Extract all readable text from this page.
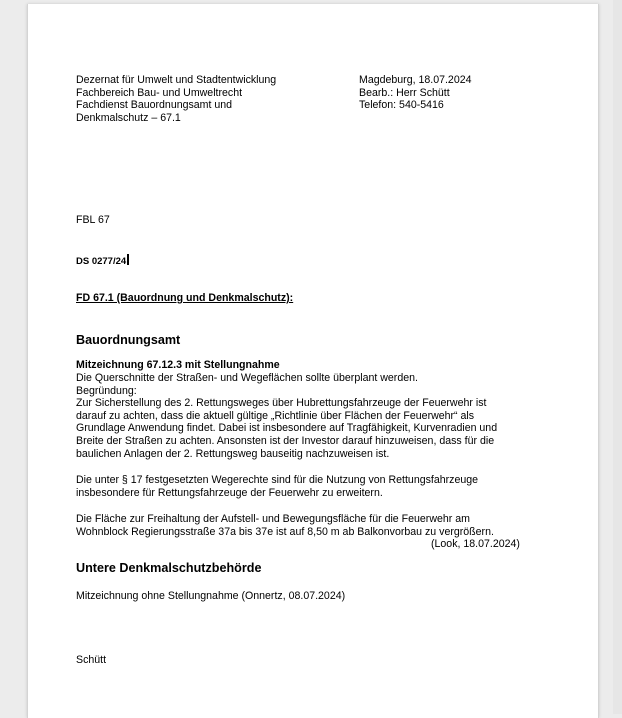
Dezernat für Umwelt und Stadtentwicklung
Fachbereich Bau- und Umweltrecht
Fachdienst Bauordnungsamt und
Denkmalschutz – 67.1
Magdeburg, 18.07.2024
Bearb.: Herr Schütt
Telefon: 540-5416
FBL 67
DS 0277/24
FD 67.1 (Bauordnung und Denkmalschutz):
Bauordnungsamt
Mitzeichnung 67.12.3 mit Stellungnahme
Die Querschnitte der Straßen- und Wegeflächen sollte überplant werden.
Begründung:
Zur Sicherstellung des 2. Rettungsweges über Hubrettungsfahrzeuge der Feuerwehr ist
darauf zu achten, dass die aktuell gültige „Richtlinie über Flächen der Feuerwehr“ als
Grundlage Anwendung findet. Dabei ist insbesondere auf Tragfähigkeit, Kurvenradien und
Breite der Straßen zu achten. Ansonsten ist der Investor darauf hinzuweisen, dass für die
baulichen Anlagen der 2. Rettungsweg bauseitig nachzuweisen ist.
Die unter § 17 festgesetzten Wegerechte sind für die Nutzung von Rettungsfahrzeuge
insbesondere für Rettungsfahrzeuge der Feuerwehr zu erweitern.
Die Fläche zur Freihaltung der Aufstell- und Bewegungsfläche für die Feuerwehr am
Wohnblock Regierungsstraße 37a bis 37e ist auf 8,50 m ab Balkonvorbau zu vergrößern.
(Look, 18.07.2024)
Untere Denkmalschutzbehörde
Mitzeichnung ohne Stellungnahme (Onnertz, 08.07.2024)
Schütt
